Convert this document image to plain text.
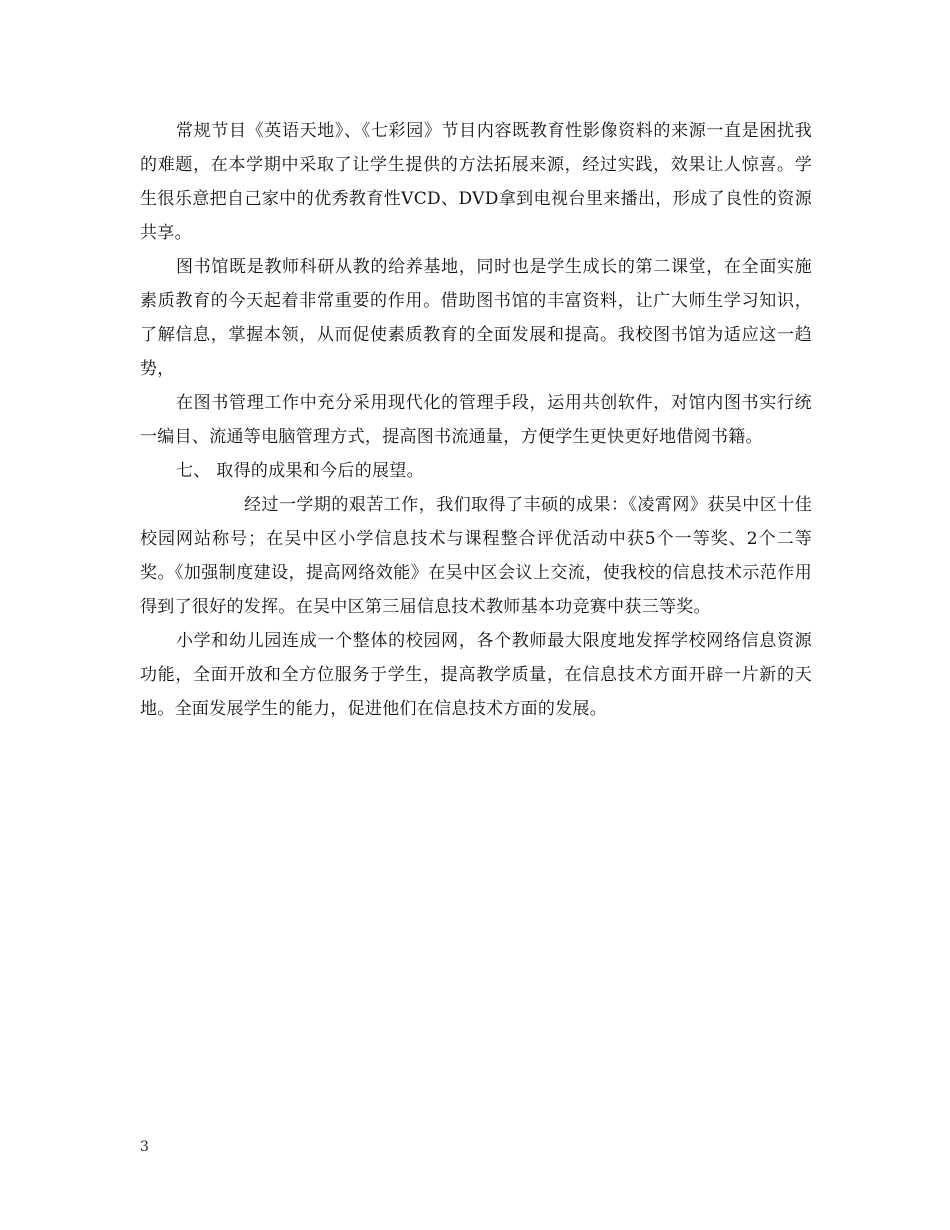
常规节目《英语天地》、《七彩园》节目内容既教育性影像资料的来源一直是困扰我的难题，在本学期中采取了让学生提供的方法拓展来源，经过实践，效果让人惊喜。学生很乐意把自己家中的优秀教育性VCD、DVD拿到电视台里来播出，形成了良性的资源共享。

图书馆既是教师科研从教的给养基地，同时也是学生成长的第二课堂，在全面实施素质教育的今天起着非常重要的作用。借助图书馆的丰富资料，让广大师生学习知识，了解信息，掌握本领，从而促使素质教育的全面发展和提高。我校图书馆为适应这一趋势，

在图书管理工作中充分采用现代化的管理手段，运用共创软件，对馆内图书实行统一编目、流通等电脑管理方式，提高图书流通量，方便学生更快更好地借阅书籍。

七、 取得的成果和今后的展望。

经过一学期的艰苦工作，我们取得了丰硕的成果：《凌霄网》获吴中区十佳校园网站称号；在吴中区小学信息技术与课程整合评优活动中获5个一等奖、2个二等奖。《加强制度建设，提高网络效能》在吴中区会议上交流，使我校的信息技术示范作用得到了很好的发挥。在吴中区第三届信息技术教师基本功竞赛中获三等奖。

小学和幼儿园连成一个整体的校园网，各个教师最大限度地发挥学校网络信息资源功能，全面开放和全方位服务于学生，提高教学质量，在信息技术方面开辟一片新的天地。全面发展学生的能力，促进他们在信息技术方面的发展。

3
